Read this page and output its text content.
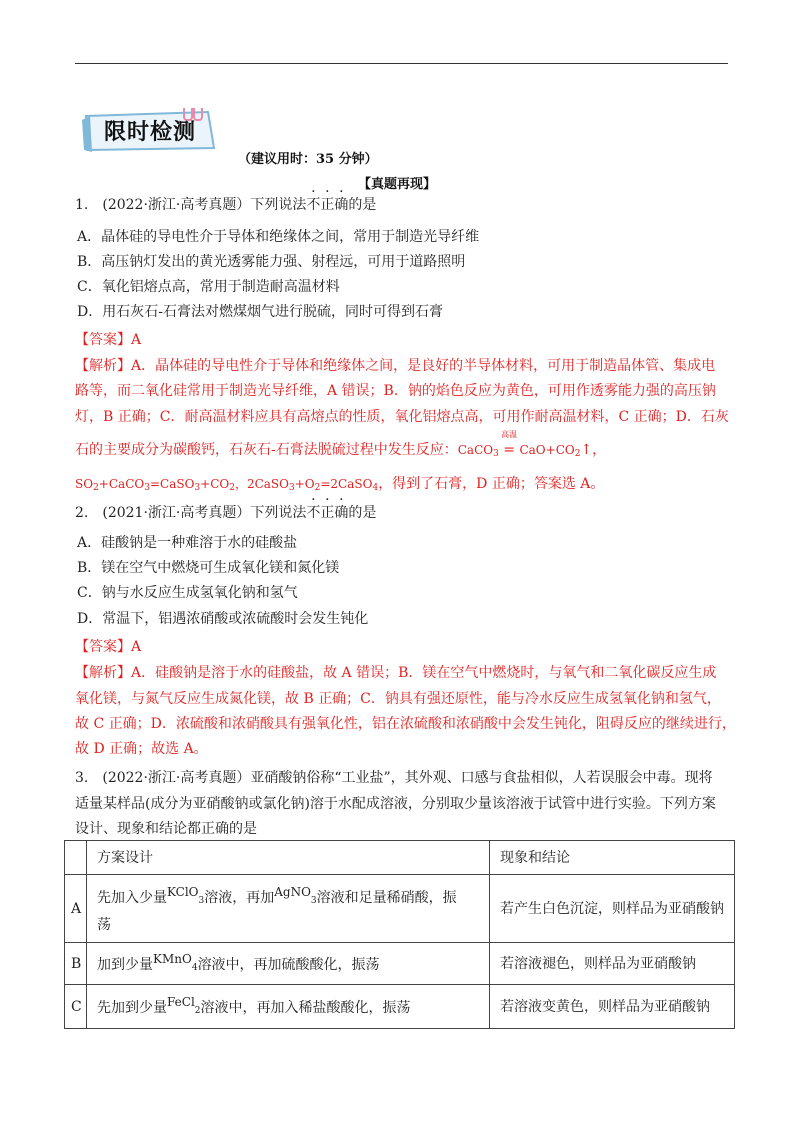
限时检测
（建议用时：35 分钟）
【真题再现】
1.　(2022·浙江·高考真题）下列说法不正确的是
A．晶体硅的导电性介于导体和绝缘体之间，常用于制造光导纤维
B．高压钠灯发出的黄光透雾能力强、射程远，可用于道路照明
C．氧化铝熔点高，常用于制造耐高温材料
D．用石灰石-石膏法对燃煤烟气进行脱硫，同时可得到石膏
【答案】A
【解析】A．晶体硅的导电性介于导体和绝缘体之间，是良好的半导体材料，可用于制造晶体管、集成电
路等，而二氧化硅常用于制造光导纤维，A 错误；B．钠的焰色反应为黄色，可用作透雾能力强的高压钠
灯，B 正确；C．耐高温材料应具有高熔点的性质，氧化铝熔点高，可用作耐高温材料，C 正确；D．石灰
石的主要成分为碳酸钙，石灰石-石膏法脱硫过程中发生反应：CaCO$_3$
高温
= $CaO+CO_2↑$，
$SO_2+CaCO_3=CaSO_3+CO_2$，$2CaSO_3+O_2=2CaSO_4$，得到了石膏，D 正确；答案选 A。
2.　(2021·浙江·高考真题）下列说法不正确的是
A．硅酸钠是一种难溶于水的硅酸盐
B．镁在空气中燃烧可生成氧化镁和氮化镁
C．钠与水反应生成氢氧化钠和氢气
D．常温下，铝遇浓硝酸或浓硫酸时会发生钝化
【答案】A
【解析】A．硅酸钠是溶于水的硅酸盐，故 A 错误；B．镁在空气中燃烧时，与氧气和二氧化碳反应生成
氧化镁，与氮气反应生成氮化镁，故 B 正确；C．钠具有强还原性，能与冷水反应生成氢氧化钠和氢气，
故 C 正确；D．浓硫酸和浓硝酸具有强氧化性，铝在浓硫酸和浓硝酸中会发生钝化，阻碍反应的继续进行，
故 D 正确；故选 A。
3.　(2022·浙江·高考真题）亚硝酸钠俗称“工业盐”，其外观、口感与食盐相似，人若误服会中毒。现将
适量某样品(成分为亚硝酸钠或氯化钠)溶于水配成溶液，分别取少量该溶液于试管中进行实验。下列方案
设计、现象和结论都正确的是
	方案设计	现象和结论
A	先加入少量KClO3溶液，再加AgNO3溶液和足量稀硝酸，振
荡	若产生白色沉淀，则样品为亚硝酸钠
B	加到少量KMnO4溶液中，再加硫酸酸化，振荡	若溶液褪色，则样品为亚硝酸钠
C	先加到少量FeCl2溶液中，再加入稀盐酸酸化，振荡	若溶液变黄色，则样品为亚硝酸钠
